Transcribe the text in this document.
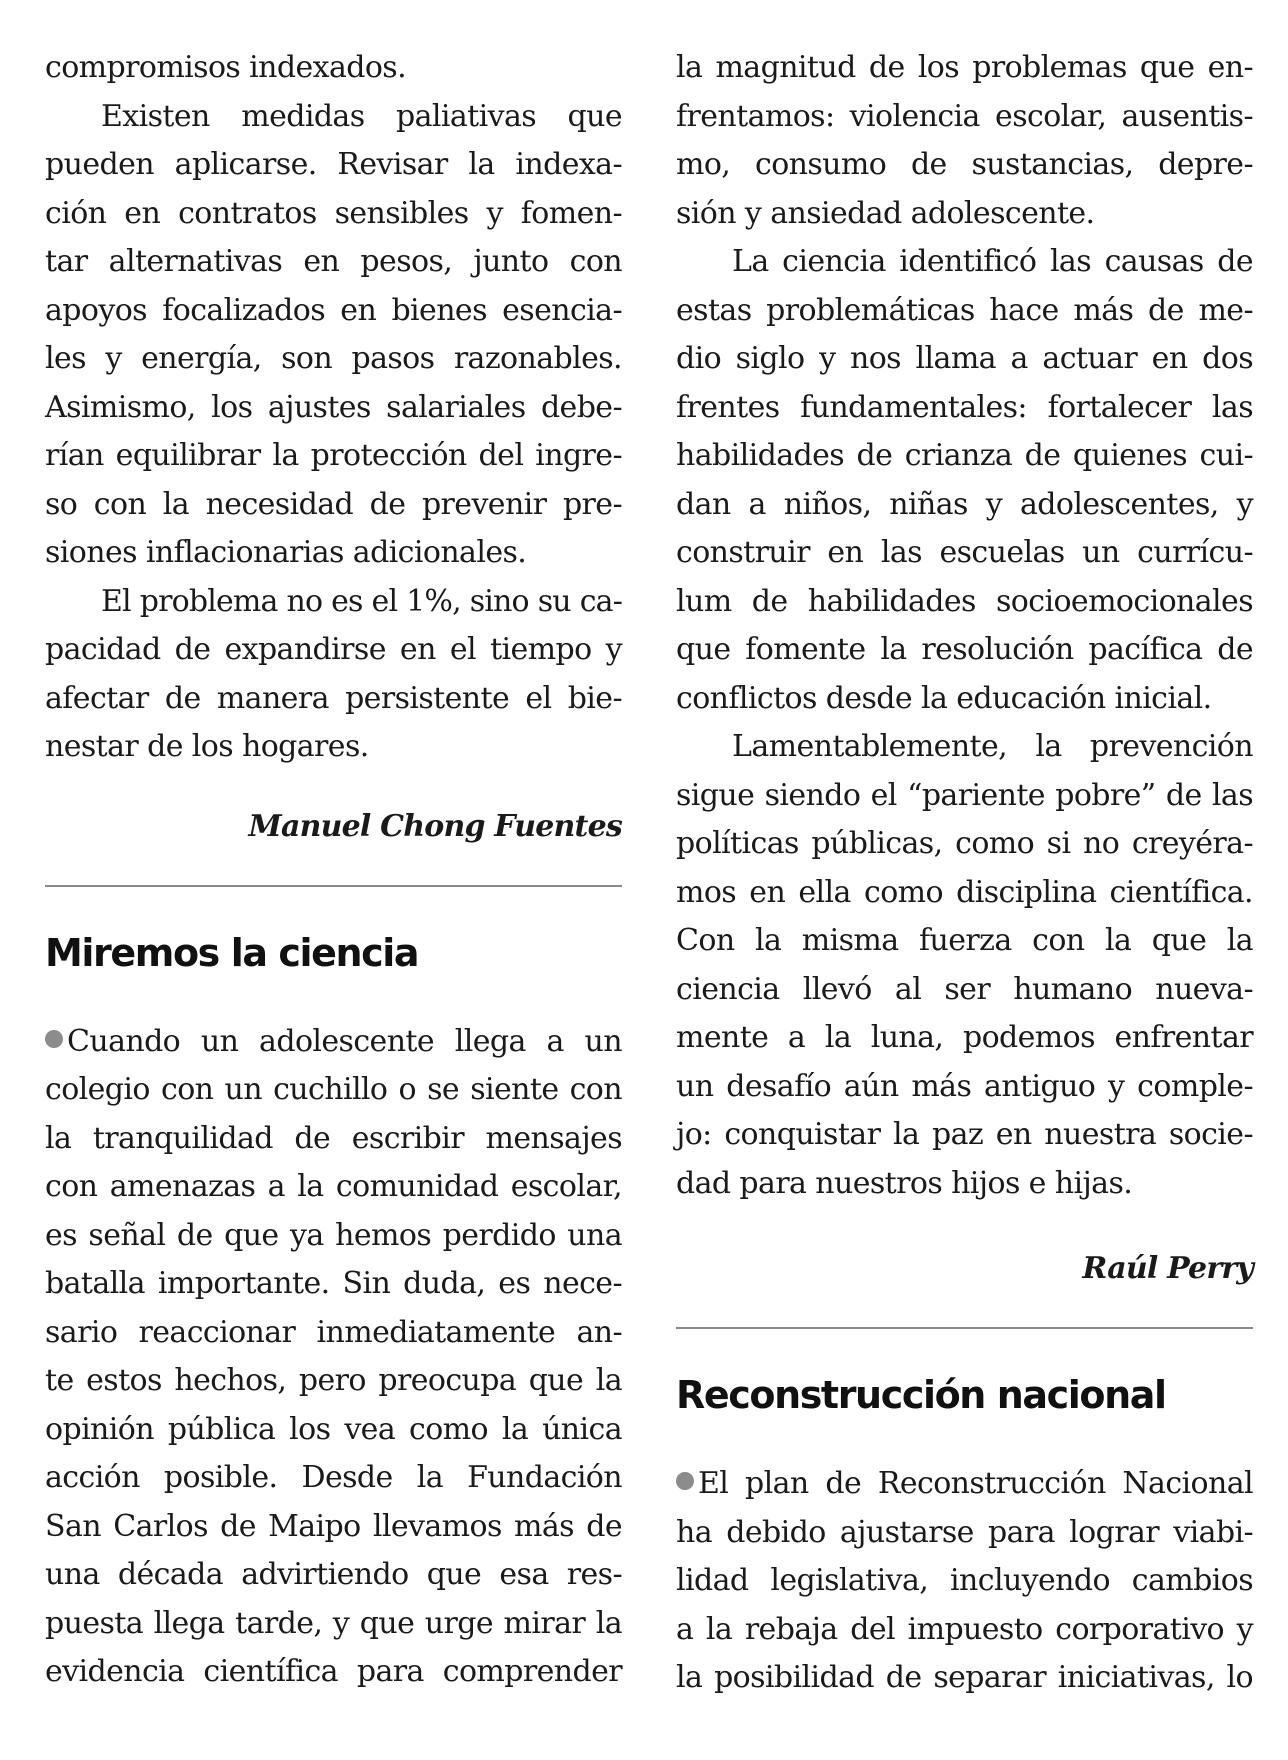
compromisos indexados.
Existen medidas paliativas que
pueden aplicarse. Revisar la indexa-
ción en contratos sensibles y fomen-
tar alternativas en pesos, junto con
apoyos focalizados en bienes esencia-
les y energía, son pasos razonables.
Asimismo, los ajustes salariales debe-
rían equilibrar la protección del ingre-
so con la necesidad de prevenir pre-
siones inflacionarias adicionales.
El problema no es el 1%, sino su ca-
pacidad de expandirse en el tiempo y
afectar de manera persistente el bie-
nestar de los hogares.
Manuel Chong Fuentes
Miremos la ciencia
Cuando un adolescente llega a un
colegio con un cuchillo o se siente con
la tranquilidad de escribir mensajes
con amenazas a la comunidad escolar,
es señal de que ya hemos perdido una
batalla importante. Sin duda, es nece-
sario reaccionar inmediatamente an-
te estos hechos, pero preocupa que la
opinión pública los vea como la única
acción posible. Desde la Fundación
San Carlos de Maipo llevamos más de
una década advirtiendo que esa res-
puesta llega tarde, y que urge mirar la
evidencia científica para comprender
la magnitud de los problemas que en-
frentamos: violencia escolar, ausentis-
mo, consumo de sustancias, depre-
sión y ansiedad adolescente.
La ciencia identificó las causas de
estas problemáticas hace más de me-
dio siglo y nos llama a actuar en dos
frentes fundamentales: fortalecer las
habilidades de crianza de quienes cui-
dan a niños, niñas y adolescentes, y
construir en las escuelas un currícu-
lum de habilidades socioemocionales
que fomente la resolución pacífica de
conflictos desde la educación inicial.
Lamentablemente, la prevención
sigue siendo el “pariente pobre” de las
políticas públicas, como si no creyéra-
mos en ella como disciplina científica.
Con la misma fuerza con la que la
ciencia llevó al ser humano nueva-
mente a la luna, podemos enfrentar
un desafío aún más antiguo y comple-
jo: conquistar la paz en nuestra socie-
dad para nuestros hijos e hijas.
Raúl Perry
Reconstrucción nacional
El plan de Reconstrucción Nacional
ha debido ajustarse para lograr viabi-
lidad legislativa, incluyendo cambios
a la rebaja del impuesto corporativo y
la posibilidad de separar iniciativas, lo
